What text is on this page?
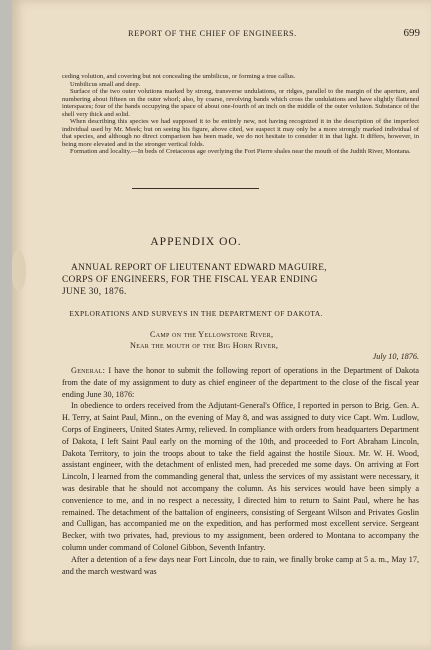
REPORT OF THE CHIEF OF ENGINEERS.	699

ceding volution, and covering but not concealing the umbilicus, or forming a true callus.

Umbilicus small and deep.

Surface of the two outer volutions marked by strong, transverse undulations, or ridges, parallel to the margin of the aperture, and numbering about fifteen on the outer whorl; also, by coarse, revolving bands which cross the undulations and have slightly flattened interspaces; four of the bands occupying the space of about one-fourth of an inch on the middle of the outer volution. Substance of the shell very thick and solid.

When describing this species we had supposed it to be entirely new, not having recognized it in the description of the imperfect individual used by Mr. Meek; but on seeing his figure, above cited, we suspect it may only be a more strongly marked individual of that species, and although no direct comparison has been made, we do not hesitate to consider it in that light. It differs, however, in being more elevated and in the stronger vertical folds.

Formation and locality.—In beds of Cretaceous age overlying the Fort Pierre shales near the mouth of the Judith River, Montana.

APPENDIX OO.
ANNUAL REPORT OF LIEUTENANT EDWARD MAGUIRE,
CORPS OF ENGINEERS, FOR THE FISCAL YEAR ENDING
JUNE 30, 1876.
EXPLORATIONS AND SURVEYS IN THE DEPARTMENT OF DAKOTA.
Camp on the Yellowstone River,
Near the mouth of the Big Horn River,
July 10, 1876.

General: I have the honor to submit the following report of operations in the Department of Dakota from the date of my assignment to duty as chief engineer of the department to the close of the fiscal year ending June 30, 1876:

In obedience to orders received from the Adjutant-General's Office, I reported in person to Brig. Gen. A. H. Terry, at Saint Paul, Minn., on the evening of May 8, and was assigned to duty vice Capt. Wm. Ludlow, Corps of Engineers, United States Army, relieved. In compliance with orders from headquarters Department of Dakota, I left Saint Paul early on the morning of the 10th, and proceeded to Fort Abraham Lincoln, Dakota Territory, to join the troops about to take the field against the hostile Sioux. Mr. W. H. Wood, assistant engineer, with the detachment of enlisted men, had preceded me some days. On arriving at Fort Lincoln, I learned from the commanding general that, unless the services of my assistant were necessary, it was desirable that he should not accompany the column. As his services would have been simply a convenience to me, and in no respect a necessity, I directed him to return to Saint Paul, where he has remained. The detachment of the battalion of engineers, consisting of Sergeant Wilson and Privates Goslin and Culligan, has accompanied me on the expedition, and has performed most excellent service. Sergeant Becker, with two privates, had, previous to my assignment, been ordered to Montana to accompany the column under command of Colonel Gibbon, Seventh Infantry.

After a detention of a few days near Fort Lincoln, due to rain, we finally broke camp at 5 a. m., May 17, and the march westward was
